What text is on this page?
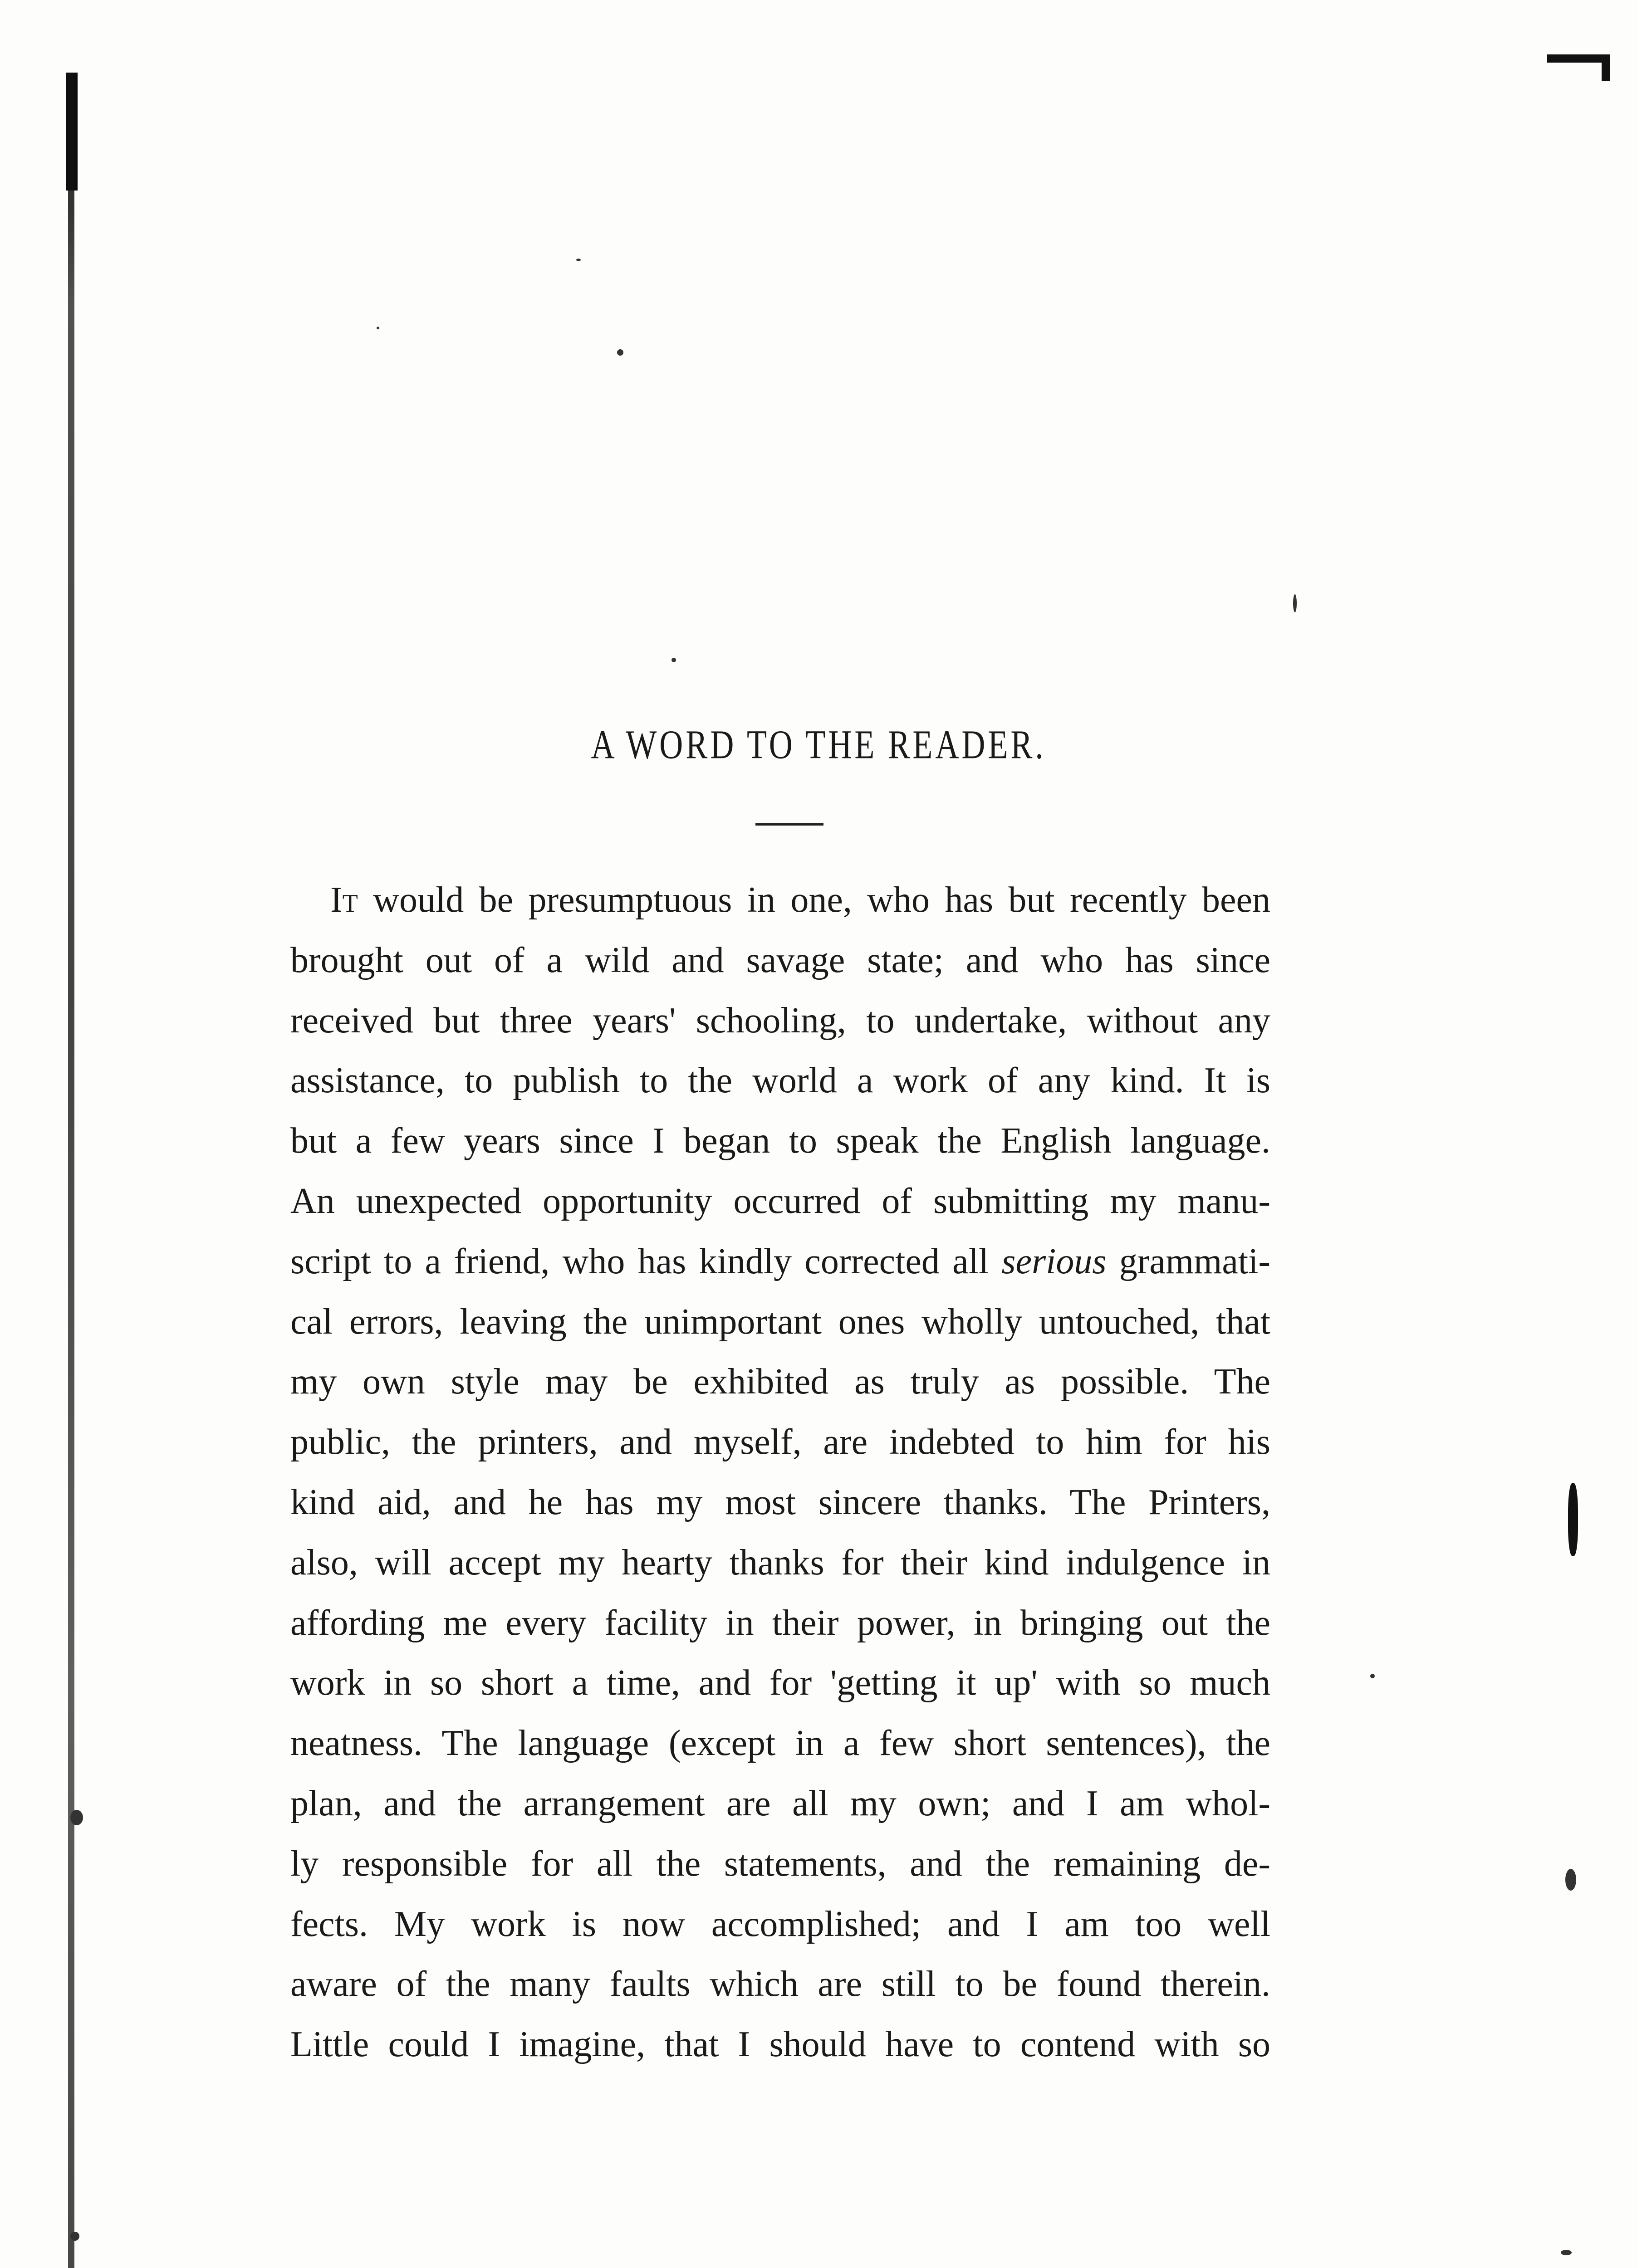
A WORD TO THE READER.
It would be presumptuous in one, who has but recently been
brought out of a wild and savage state; and who has since
received but three years' schooling, to undertake, without any
assistance, to publish to the world a work of any kind. It is
but a few years since I began to speak the English language.
An unexpected opportunity occurred of submitting my manu-
script to a friend, who has kindly corrected all serious grammati-
cal errors, leaving the unimportant ones wholly untouched, that
my own style may be exhibited as truly as possible. The
public, the printers, and myself, are indebted to him for his
kind aid, and he has my most sincere thanks. The Printers,
also, will accept my hearty thanks for their kind indulgence in
affording me every facility in their power, in bringing out the
work in so short a time, and for 'getting it up' with so much
neatness. The language (except in a few short sentences), the
plan, and the arrangement are all my own; and I am whol-
ly responsible for all the statements, and the remaining de-
fects. My work is now accomplished; and I am too well
aware of the many faults which are still to be found therein.
Little could I imagine, that I should have to contend with so
